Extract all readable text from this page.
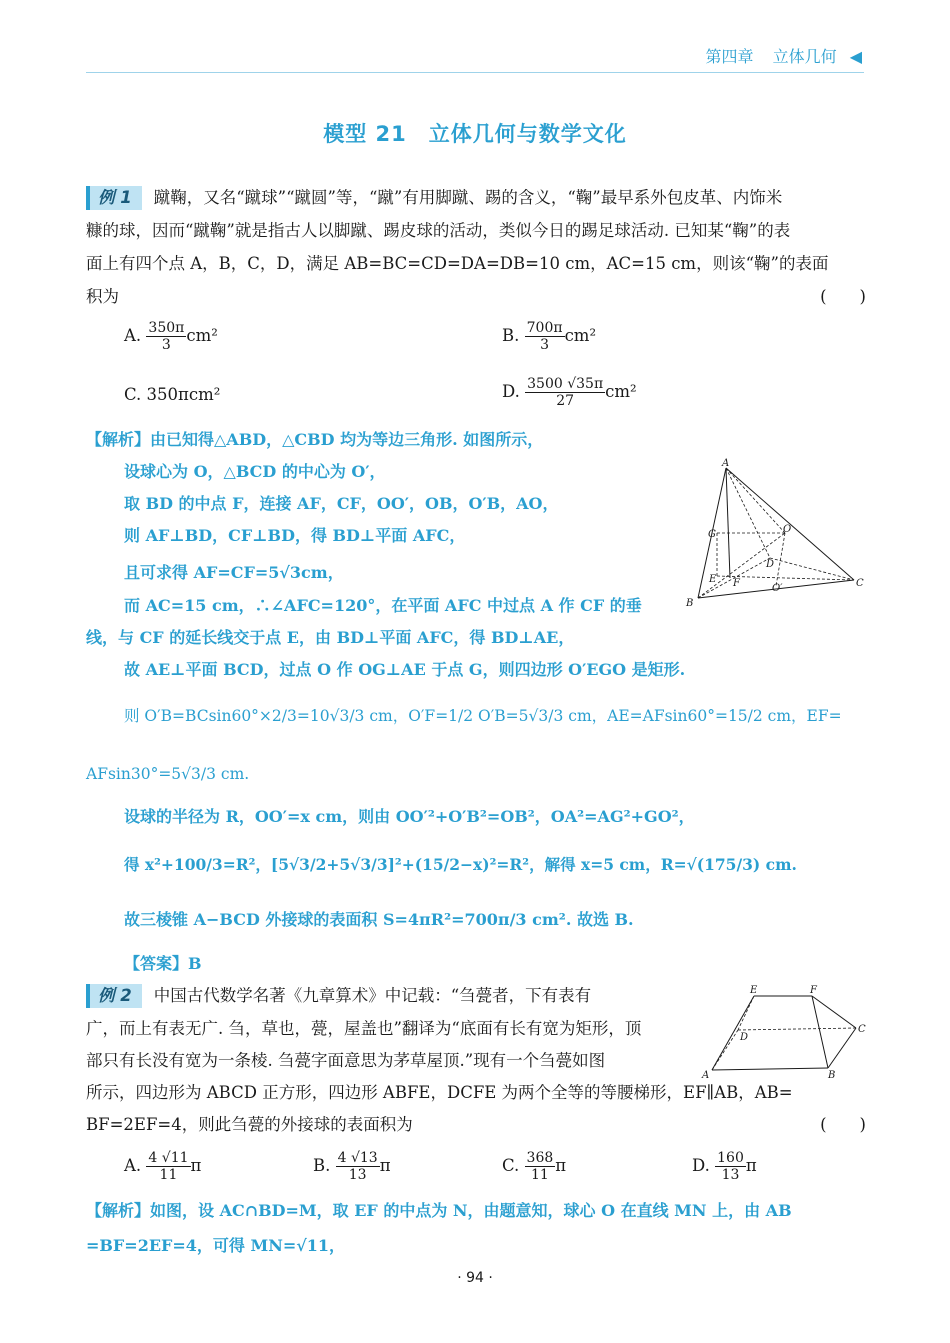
第四章 立体几何 ◀
模型 21　立体几何与数学文化
例 1 蹴鞠，又名“蹴球”“蹴圆”等，“蹴”有用脚蹴、踢的含义，“鞠”最早系外包皮革、内饰米
糠的球，因而“蹴鞠”就是指古人以脚蹴、踢皮球的活动，类似今日的踢足球活动. 已知某“鞠”的表
面上有四个点 A，B，C，D，满足 AB=BC=CD=DA=DB=10 cm，AC=15 cm，则该“鞠”的表面
积为	(　　)
A. $\frac{350\pi}{3} cm^2$	B. $\frac{700\pi}{3} cm^2$
C. 350πcm²	D. $\frac{3500 √35\pi}{27} cm^2$
【解析】由已知得△ABD，△CBD 均为等边三角形. 如图所示，
设球心为 O，△BCD 的中心为 O′，
取 BD 的中点 F，连接 AF，CF，OO′，OB，O′B，AO，
则 AF⊥BD，CF⊥BD，得 BD⊥平面 AFC，
且可求得 AF=CF=5√3cm，
而 AC=15 cm，∴∠AFC=120°，在平面 AFC 中过点 A 作 CF 的垂
线，与 CF 的延长线交于点 E，由 BD⊥平面 AFC，得 BD⊥AE，
故 AE⊥平面 BCD，过点 O 作 OG⊥AE 于点 G，则四边形 O′EGO 是矩形.
则 O′B=BCsin60°×2/3=10√3/3 cm，O′F=1/2 O′B=5√3/3 cm，AE=AFsin60°=15/2 cm，EF=
AFsin30°=5√3/3 cm.
设球的半径为 R，OO′=x cm，则由 OO′²+O′B²=OB²，OA²=AG²+GO²，
得 x²+100/3=R²，[5√3/2+5√3/3]²+(15/2−x)²=R²，解得 x=5 cm，R=√(175/3) cm.
故三棱锥 A−BCD 外接球的表面积 S=4πR²=700π/3 cm². 故选 B.
【答案】B
A
G	O
D
E F	O′
B
C
例 2 中国古代数学名著《九章算术》中记载：“刍甍者，下有表有
广，而上有表无广. 刍，草也，甍，屋盖也”翻译为“底面有长有宽为矩形，顶
部只有长没有宽为一条棱. 刍甍字面意思为茅草屋顶.”现有一个刍甍如图
所示，四边形为 ABCD 正方形，四边形 ABFE，DCFE 为两个全等的等腰梯形，EF∥AB，AB=
BF=2EF=4，则此刍甍的外接球的表面积为	(　　)
E	F
D
C
A	B
A. $\frac{4 √11}{11}$ π	B. $\frac{4 √13}{13}$ π	C. $\frac{368}{11}$ π	D. $\frac{160}{13}$ π
【解析】如图，设 AC∩BD=M，取 EF 的中点为 N，由题意知，球心 O 在直线 MN 上，由 AB
=BF=2EF=4，可得 MN=√11，
· 94 ·
